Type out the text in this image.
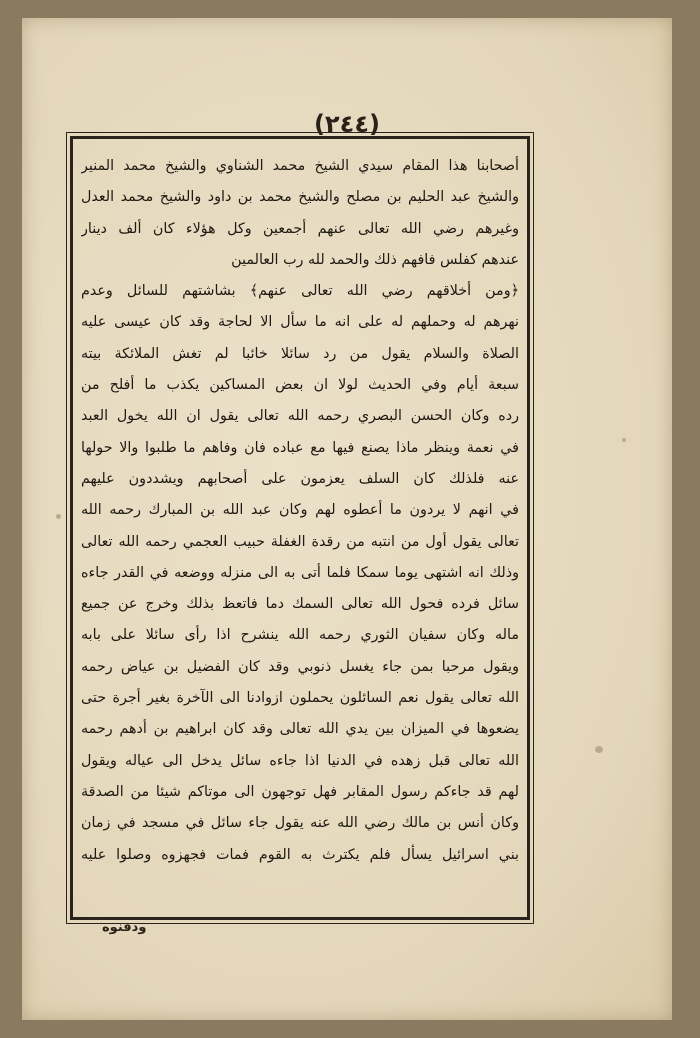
(٢٤٤)
أصحابنا هذا المقام سيدي الشيخ محمد الشناوي والشيخ محمد المنير
والشيخ عبد الحليم بن مصلح والشيخ محمد بن داود والشيخ محمد العدل
وغيرهم رضي الله تعالى عنهم أجمعين وكل هؤلاء كان ألف دينار
عندهم كفلس فافهم ذلك والحمد لله رب العالمين
﴿ومن أخلاقهم رضي الله تعالى عنهم﴾ بشاشتهم للسائل وعدم
نهرهم له وحملهم له على انه ما سأل الا لحاجة وقد كان عيسى عليه
الصلاة والسلام يقول من رد سائلا خائبا لم تغش الملائكة بيته
سبعة أيام وفي الحديث لولا ان بعض المساكين يكذب ما أفلح من
رده وكان الحسن البصري رحمه الله تعالى يقول ان الله يخول العبد
في نعمة وينظر ماذا يصنع فيها مع عباده فان وفاهم ما طلبوا والا حولها
عنه فلذلك كان السلف يعزمون على أصحابهم ويشددون عليهم
في انهم لا يردون ما أعطوه لهم وكان عبد الله بن المبارك رحمه الله
تعالى يقول أول من انتبه من رقدة الغفلة حبيب العجمي رحمه الله تعالى
وذلك انه اشتهى يوما سمكا فلما أتى به الى منزله ووضعه في القدر جاءه
سائل فرده فحول الله تعالى السمك دما فاتعظ بذلك وخرج عن جميع
ماله وكان سفيان الثوري رحمه الله ينشرح اذا رأى سائلا على بابه
ويقول مرحبا بمن جاء يغسل ذنوبي وقد كان الفضيل بن عياض رحمه
الله تعالى يقول نعم السائلون يحملون ازوادنا الى الآخرة بغير أجرة حتى
يضعوها في الميزان بين يدي الله تعالى وقد كان ابراهيم بن أدهم رحمه
الله تعالى قبل زهده في الدنيا اذا جاءه سائل يدخل الى عياله ويقول
لهم قد جاءكم رسول المقابر فهل توجهون الى موتاكم شيئا من الصدقة
وكان أنس بن مالك رضي الله عنه يقول جاء سائل في مسجد في زمان
بني اسرائيل يسأل فلم يكترث به القوم فمات فجهزوه وصلوا عليه
ودفنوه
